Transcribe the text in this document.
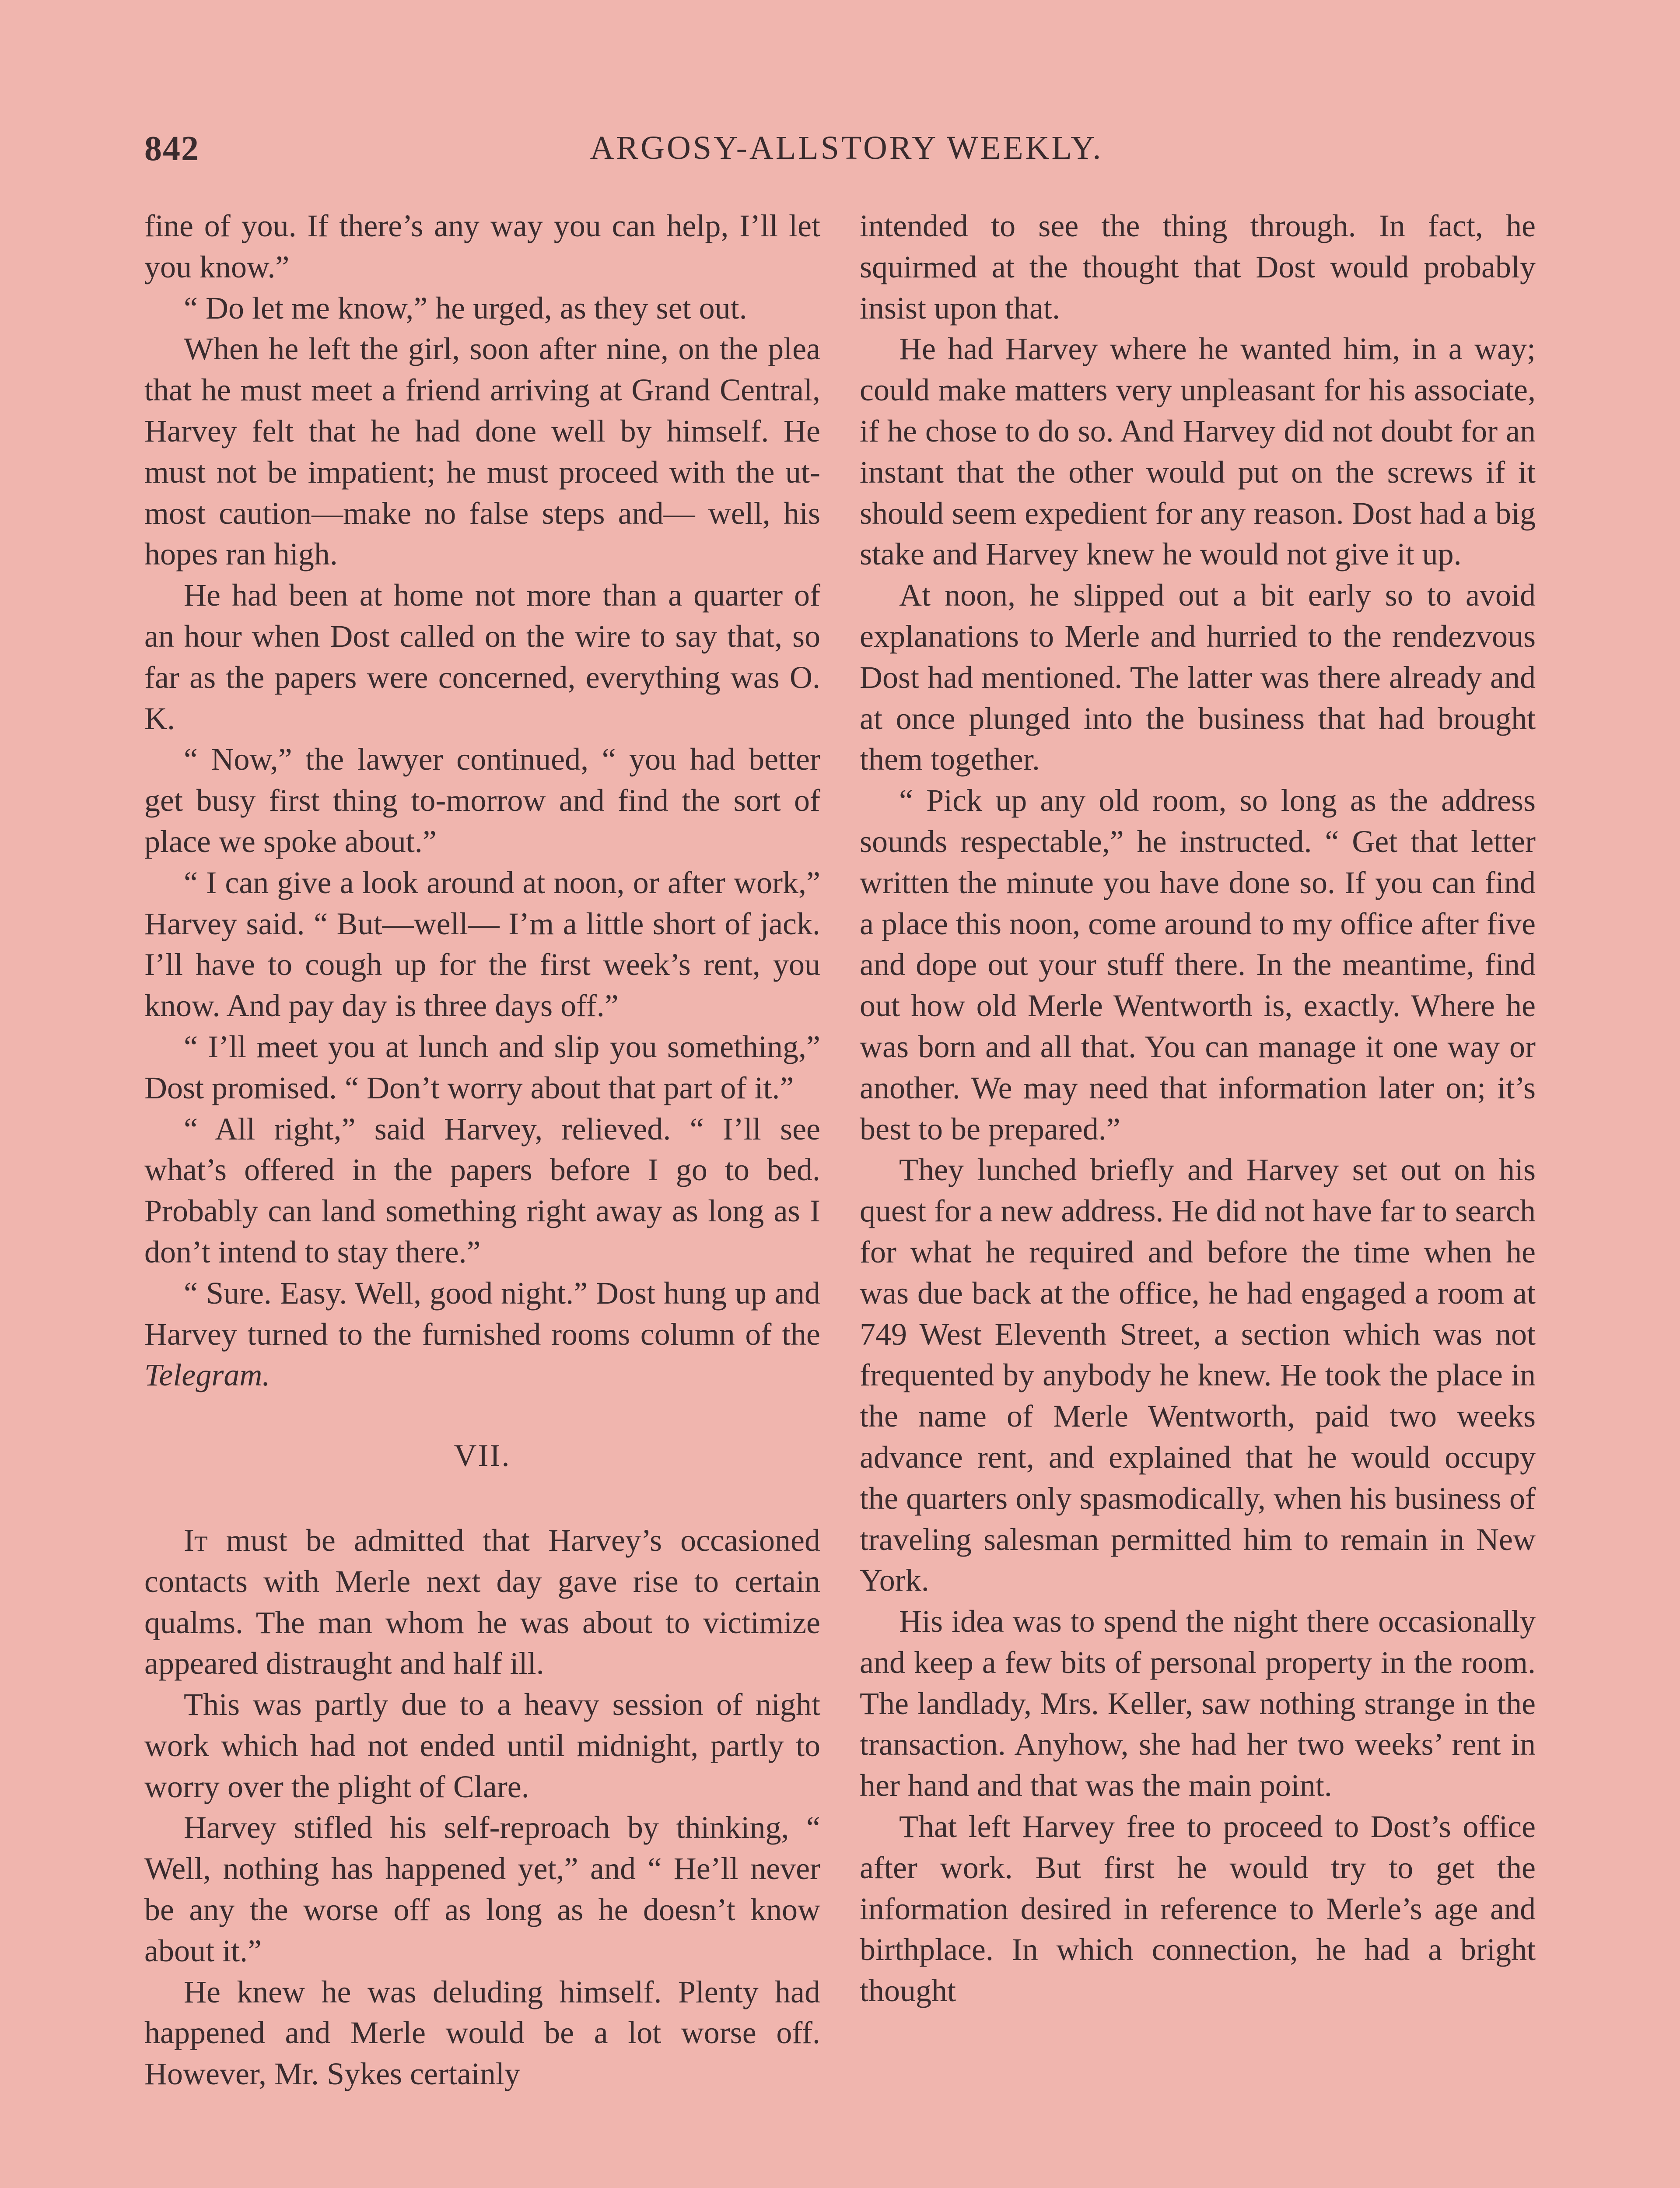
842	ARGOSY-ALLSTORY WEEKLY.

fine of you. If there’s any way you can help, I’ll let you know.”

“ Do let me know,” he urged, as they set out.

When he left the girl, soon after nine, on the plea that he must meet a friend arriving at Grand Central, Harvey felt that he had done well by himself. He must not be impatient; he must proceed with the utmost caution—make no false steps and— well, his hopes ran high.

He had been at home not more than a quarter of an hour when Dost called on the wire to say that, so far as the papers were concerned, everything was O. K.

“ Now,” the lawyer continued, “ you had better get busy first thing to-morrow and find the sort of place we spoke about.”

“ I can give a look around at noon, or after work,” Harvey said. “ But—well— I’m a little short of jack. I’ll have to cough up for the first week’s rent, you know. And pay day is three days off.”

“ I’ll meet you at lunch and slip you something,” Dost promised. “ Don’t worry about that part of it.”

“ All right,” said Harvey, relieved. “ I’ll see what’s offered in the papers before I go to bed. Probably can land something right away as long as I don’t intend to stay there.”

“ Sure. Easy. Well, good night.” Dost hung up and Harvey turned to the furnished rooms column of the Telegram.

VII.

It must be admitted that Harvey’s occasioned contacts with Merle next day gave rise to certain qualms. The man whom he was about to victimize appeared distraught and half ill.

This was partly due to a heavy session of night work which had not ended until midnight, partly to worry over the plight of Clare.

Harvey stifled his self-reproach by thinking, “ Well, nothing has happened yet,” and “ He’ll never be any the worse off as long as he doesn’t know about it.”

He knew he was deluding himself. Plenty had happened and Merle would be a lot worse off. However, Mr. Sykes certainly

intended to see the thing through. In fact, he squirmed at the thought that Dost would probably insist upon that.

He had Harvey where he wanted him, in a way; could make matters very unpleasant for his associate, if he chose to do so. And Harvey did not doubt for an instant that the other would put on the screws if it should seem expedient for any reason. Dost had a big stake and Harvey knew he would not give it up.

At noon, he slipped out a bit early so to avoid explanations to Merle and hurried to the rendezvous Dost had mentioned. The latter was there already and at once plunged into the business that had brought them together.

“ Pick up any old room, so long as the address sounds respectable,” he instructed. “ Get that letter written the minute you have done so. If you can find a place this noon, come around to my office after five and dope out your stuff there. In the meantime, find out how old Merle Wentworth is, exactly. Where he was born and all that. You can manage it one way or another. We may need that information later on; it’s best to be prepared.”

They lunched briefly and Harvey set out on his quest for a new address. He did not have far to search for what he required and before the time when he was due back at the office, he had engaged a room at 749 West Eleventh Street, a section which was not frequented by anybody he knew. He took the place in the name of Merle Wentworth, paid two weeks advance rent, and explained that he would occupy the quarters only spasmodically, when his business of traveling salesman permitted him to remain in New York.

His idea was to spend the night there occasionally and keep a few bits of personal property in the room. The landlady, Mrs. Keller, saw nothing strange in the transaction. Anyhow, she had her two weeks’ rent in her hand and that was the main point.

That left Harvey free to proceed to Dost’s office after work. But first he would try to get the information desired in reference to Merle’s age and birthplace. In which connection, he had a bright thought
